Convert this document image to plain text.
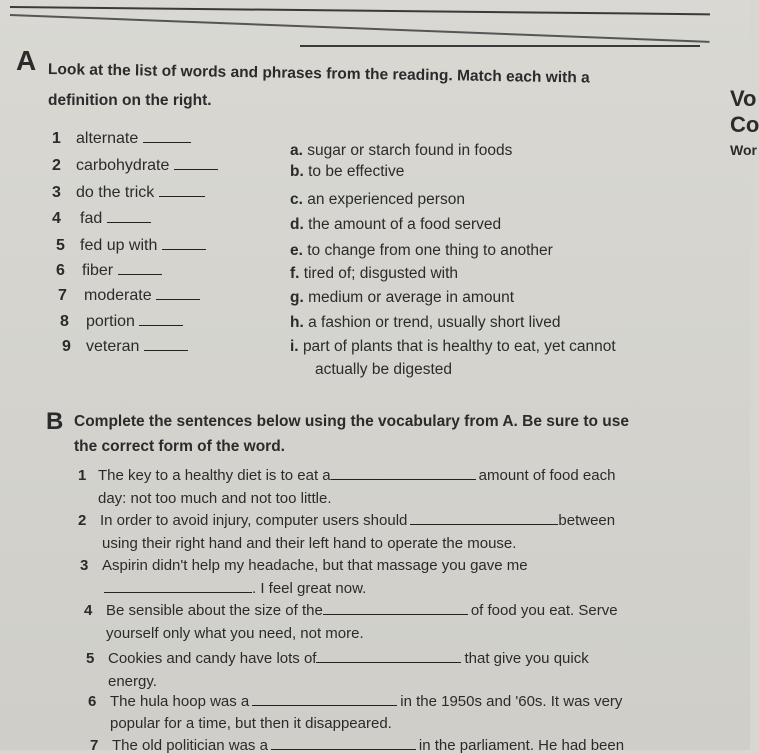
A Look at the list of words and phrases from the reading. Match each with a
definition on the right.
1 alternate
2 carbohydrate
3 do the trick
4 fad
5 fed up with
6 fiber
7 moderate
8 portion
9 veteran
a. sugar or starch found in foods
b. to be effective
c. an experienced person
d. the amount of a food served
e. to change from one thing to another
f. tired of; disgusted with
g. medium or average in amount
h. a fashion or trend, usually short lived
i. part of plants that is healthy to eat, yet cannot
actually be digested
B Complete the sentences below using the vocabulary from A. Be sure to use
the correct form of the word.
1 The key to a healthy diet is to eat a	amount of food each
day: not too much and not too little.
2 In order to avoid injury, computer users should	between
using their right hand and their left hand to operate the mouse.
3 Aspirin didn't help my headache, but that massage you gave me
. I feel great now.
4 Be sensible about the size of the	of food you eat. Serve
yourself only what you need, not more.
5 Cookies and candy have lots of	that give you quick
energy.
6 The hula hoop was a	in the 1950s and '60s. It was very
popular for a time, but then it disappeared.
7 The old politician was a	in the parliament. He had been
Vo
Co
Wor
